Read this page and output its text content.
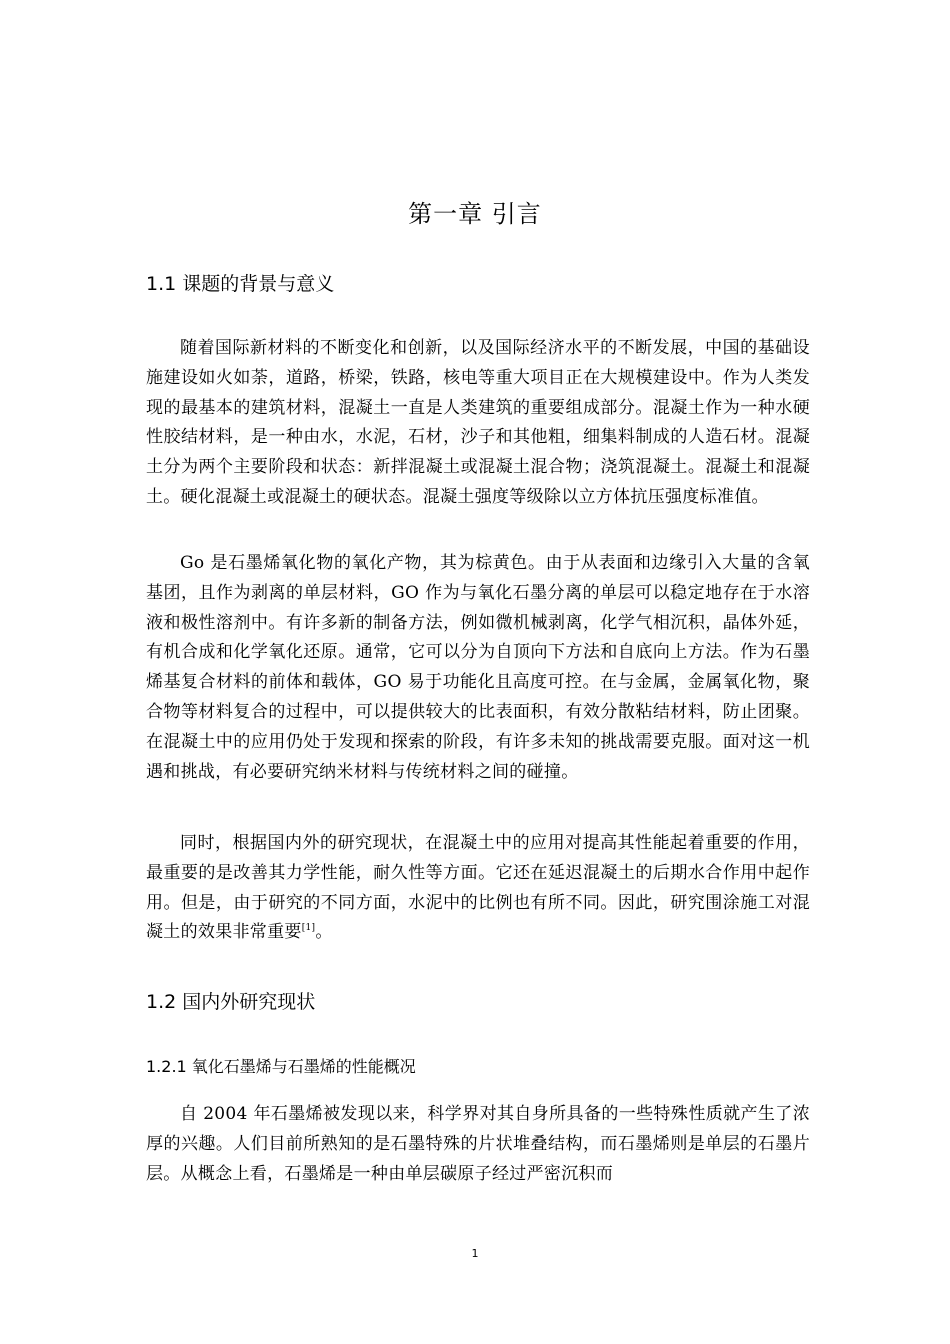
第一章 引言
1.1 课题的背景与意义

随着国际新材料的不断变化和创新，以及国际经济水平的不断发展，中国的基础设施建设如火如荼，道路，桥梁，铁路，核电等重大项目正在大规模建设中。作为人类发现的最基本的建筑材料，混凝土一直是人类建筑的重要组成部分。混凝土作为一种水硬性胶结材料，是一种由水，水泥，石材，沙子和其他粗，细集料制成的人造石材。混凝土分为两个主要阶段和状态：新拌混凝土或混凝土混合物；浇筑混凝土。混凝土和混凝土。硬化混凝土或混凝土的硬状态。混凝土强度等级除以立方体抗压强度标准值。

Go 是石墨烯氧化物的氧化产物，其为棕黄色。由于从表面和边缘引入大量的含氧基团，且作为剥离的单层材料，GO 作为与氧化石墨分离的单层可以稳定地存在于水溶液和极性溶剂中。有许多新的制备方法，例如微机械剥离，化学气相沉积，晶体外延，有机合成和化学氧化还原。通常，它可以分为自顶向下方法和自底向上方法。作为石墨烯基复合材料的前体和载体，GO 易于功能化且高度可控。在与金属，金属氧化物，聚合物等材料复合的过程中，可以提供较大的比表面积，有效分散粘结材料，防止团聚。在混凝土中的应用仍处于发现和探索的阶段，有许多未知的挑战需要克服。面对这一机遇和挑战，有必要研究纳米材料与传统材料之间的碰撞。

同时，根据国内外的研究现状，在混凝土中的应用对提高其性能起着重要的作用，最重要的是改善其力学性能，耐久性等方面。它还在延迟混凝土的后期水合作用中起作用。但是，由于研究的不同方面，水泥中的比例也有所不同。因此，研究围涂施工对混凝土的效果非常重要[1]。

1.2 国内外研究现状
1.2.1 氧化石墨烯与石墨烯的性能概况

自 2004 年石墨烯被发现以来，科学界对其自身所具备的一些特殊性质就产生了浓厚的兴趣。人们目前所熟知的是石墨特殊的片状堆叠结构，而石墨烯则是单层的石墨片层。从概念上看，石墨烯是一种由单层碳原子经过严密沉积而

1
